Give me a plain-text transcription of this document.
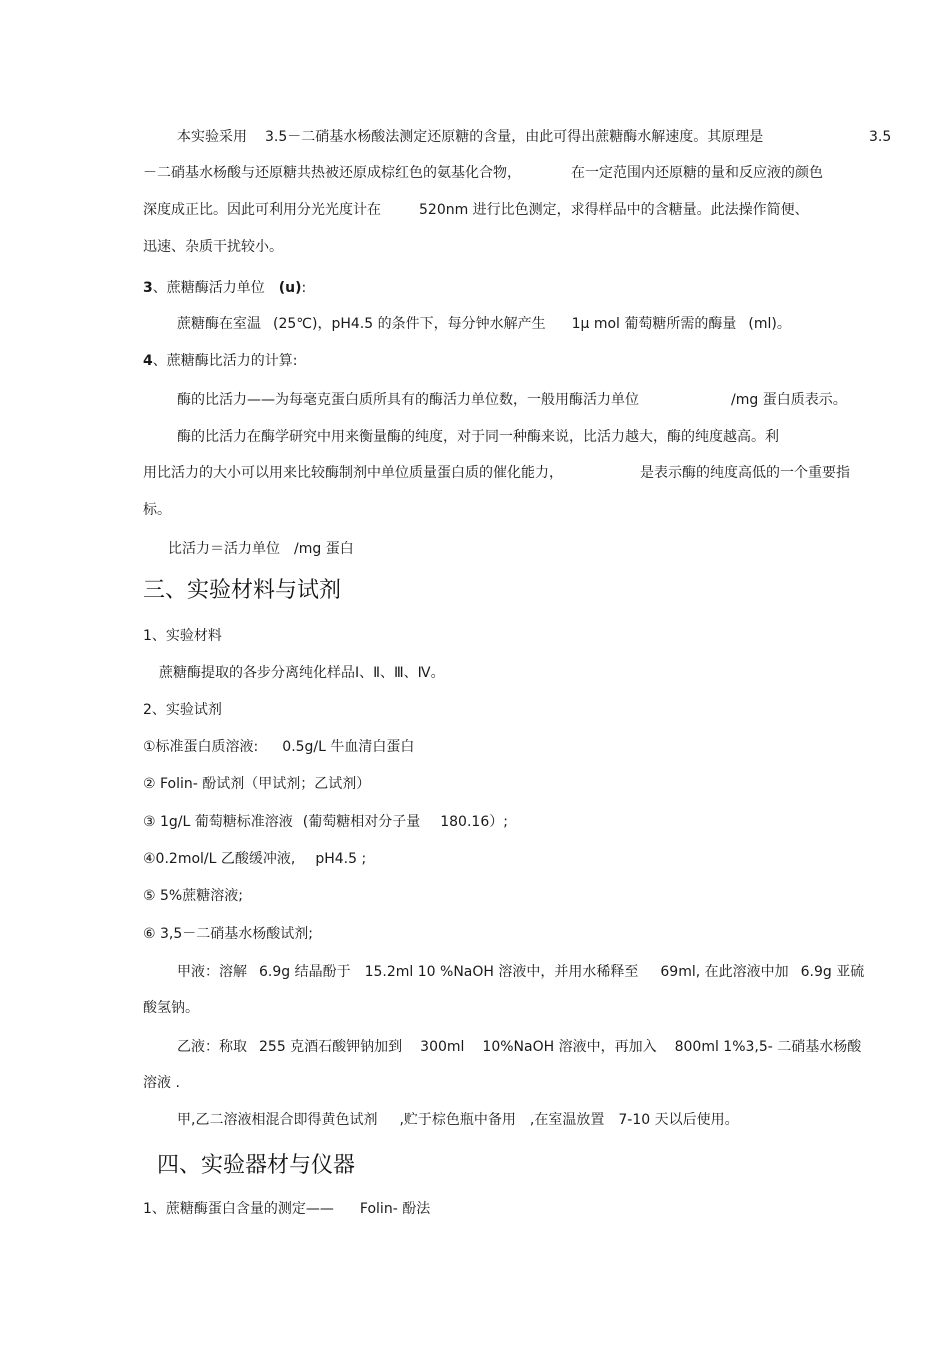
本实验采用 3.5－二硝基水杨酸法测定还原糖的含量，由此可得出蔗糖酶水解速度。其原理是	3.5
－二硝基水杨酸与还原糖共热被还原成棕红色的氨基化合物，	在一定范围内还原糖的量和反应液的颜色
深度成正比。因此可利用分光光度计在	520nm 进行比色测定，求得样品中的含糖量。此法操作简便、
迅速、杂质干扰较小。
3、蔗糖酶活力单位 (u):
蔗糖酶在室温 (25℃)，pH4.5 的条件下，每分钟水解产生 1μ mol 葡萄糖所需的酶量 (ml)。
4、蔗糖酶比活力的计算:
酶的比活力——为每毫克蛋白质所具有的酶活力单位数，一般用酶活力单位	/mg 蛋白质表示。
酶的比活力在酶学研究中用来衡量酶的纯度，对于同一种酶来说，比活力越大，酶的纯度越高。利
用比活力的大小可以用来比较酶制剂中单位质量蛋白质的催化能力，	是表示酶的纯度高低的一个重要指
标。
比活力＝活力单位 /mg 蛋白
三、实验材料与试剂
1、实验材料
蔗糖酶提取的各步分离纯化样品Ⅰ、Ⅱ、Ⅲ、Ⅳ。
2、实验试剂
①标准蛋白质溶液: 0.5g/L 牛血清白蛋白
② Folin- 酚试剂（甲试剂；乙试剂）
③ 1g/L 葡萄糖标准溶液 (葡萄糖相对分子量 180.16）;
④0.2mol/L 乙酸缓冲液, pH4.5 ;
⑤ 5%蔗糖溶液;
⑥ 3,5－二硝基水杨酸试剂;
甲液：溶解 6.9g 结晶酚于 15.2ml 10 %NaOH 溶液中，并用水稀释至 69ml, 在此溶液中加 6.9g 亚硫
酸氢钠。
乙液：称取 255 克酒石酸钾钠加到 300ml 10%NaOH 溶液中，再加入 800ml 1%3,5- 二硝基水杨酸
溶液 .
甲,乙二溶液相混合即得黄色试剂 ,贮于棕色瓶中备用 ,在室温放置 7-10 天以后使用。
四、实验器材与仪器
1、蔗糖酶蛋白含量的测定—— Folin- 酚法
